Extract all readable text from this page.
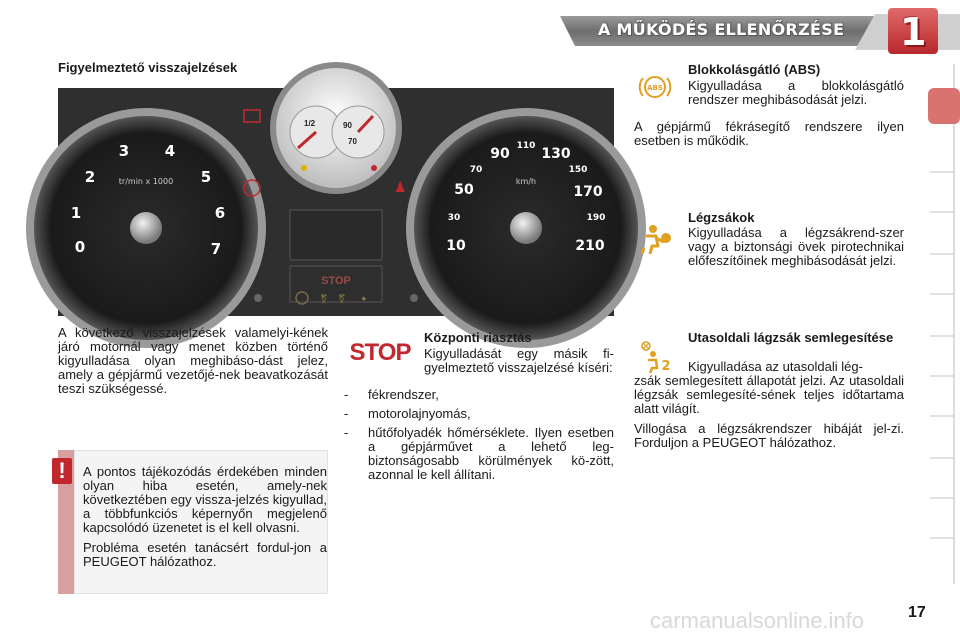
A MŰKÖDÉS ELLENŐRZÉSE 1
Figyelmeztető visszajelzések
1/2	90
70
STOP
⚧ ⚧ ✦
♟
0
1
2
3 4
5
6
7
tr/min x 1000
10
30
50
70
90 110 130
150
170
190
210
km/h
A következő visszajelzések valamelyi-kének járó motornál vagy menet közben történő kigyulladása olyan meghibáso-dást jelez, amely a gépjármű vezetőjé-nek beavatkozását teszi szükségessé.

A pontos tájékozódás érdekében minden olyan hiba esetén, amely-nek következtében egy vissza-jelzés kigyullad, a többfunkciós képernyőn megjelenő kapcsolódó üzenetet is el kell olvasni.

Probléma esetén tanácsért fordul-jon a PEUGEOT hálózathoz.

!
STOP
Központi riasztás
Kigyulladását egy másik fi-gyelmeztető visszajelzésé kíséri:
- fékrendszer,
- motorolajnyomás,
- hűtőfolyadék hőmérséklete. Ilyen esetben a gépjárművet a lehető leg-biztonságosabb körülmények kö-zött, azonnal le kell állítani.
ABS
Blokkolásgátló (ABS)
Kigyulladása a blokkolásgátló rendszer meghibásodását jelzi.
A gépjármű fékrásegítő rendszere ilyen esetben is működik.
Légzsákok
Kigyulladása a légzsákrend-szer vagy a biztonsági övek pirotechnikai előfeszítőinek meghibásodását jelzi.
2
Utasoldali lágzsák semlegesítése
Kigyulladása az utasoldali lég-

zsák semlegesített állapotát jelzi. Az utasoldali légzsák semlegesíté-sének teljes időtartama alatt világít.

Villogása a légzsákrendszer hibáját jel-zi. Forduljon a PEUGEOT hálózathoz.

carmanualsonline.info	17
